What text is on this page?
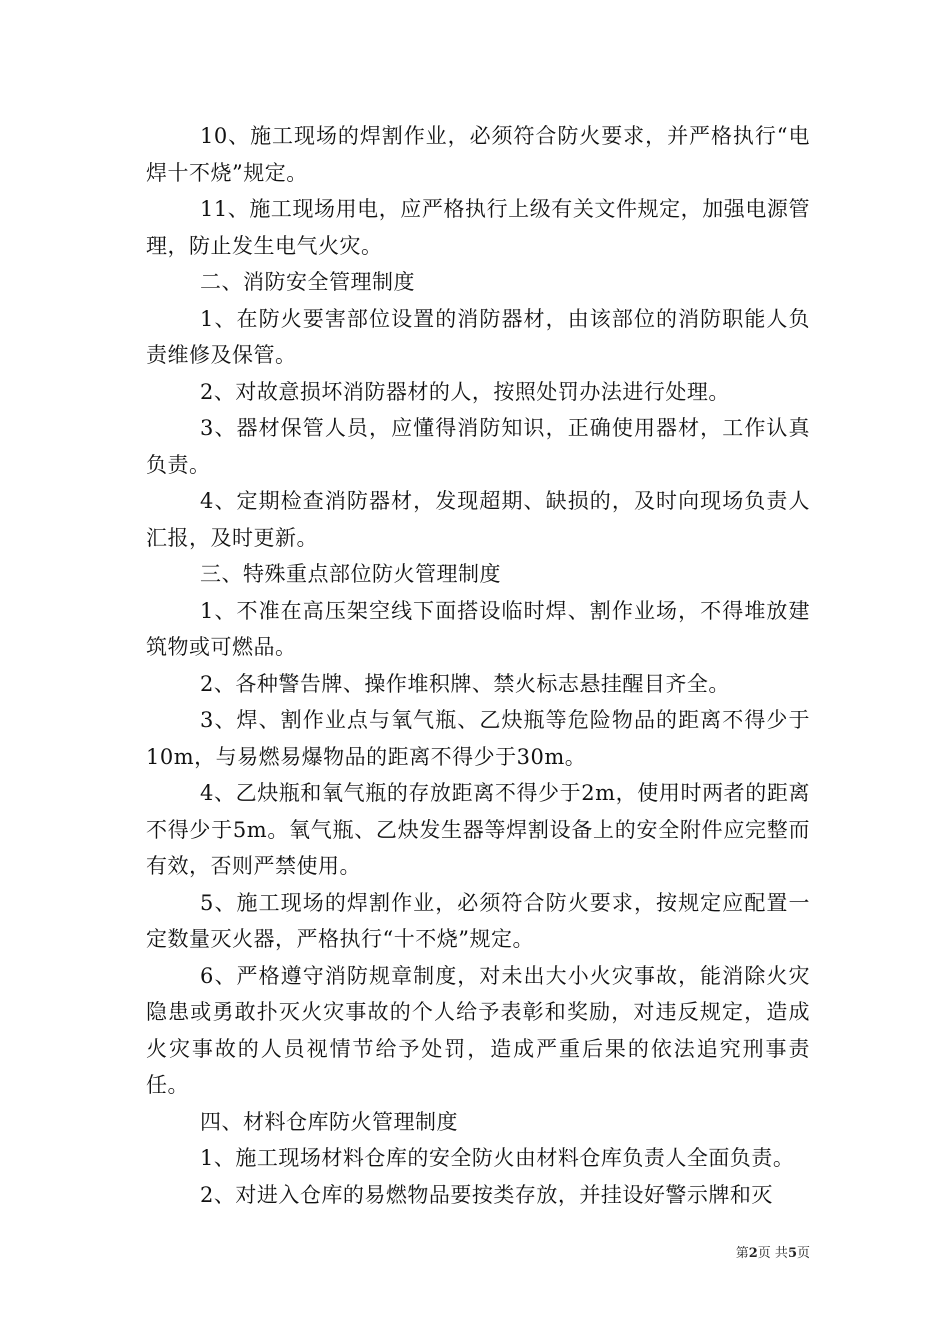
10、施工现场的焊割作业，必须符合防火要求，并严格执行“电焊十不烧”规定。

11、施工现场用电，应严格执行上级有关文件规定，加强电源管理，防止发生电气火灾。

二、消防安全管理制度

1、在防火要害部位设置的消防器材，由该部位的消防职能人负责维修及保管。

2、对故意损坏消防器材的人，按照处罚办法进行处理。

3、器材保管人员，应懂得消防知识，正确使用器材，工作认真负责。

4、定期检查消防器材，发现超期、缺损的，及时向现场负责人汇报，及时更新。

三、特殊重点部位防火管理制度

1、不准在高压架空线下面搭设临时焊、割作业场，不得堆放建筑物或可燃品。

2、各种警告牌、操作堆积牌、禁火标志悬挂醒目齐全。

3、焊、割作业点与氧气瓶、乙炔瓶等危险物品的距离不得少于10m，与易燃易爆物品的距离不得少于30m。

4、乙炔瓶和氧气瓶的存放距离不得少于2m，使用时两者的距离不得少于5m。氧气瓶、乙炔发生器等焊割设备上的安全附件应完整而有效，否则严禁使用。

5、施工现场的焊割作业，必须符合防火要求，按规定应配置一定数量灭火器，严格执行“十不烧”规定。

6、严格遵守消防规章制度，对未出大小火灾事故，能消除火灾隐患或勇敢扑灭火灾事故的个人给予表彰和奖励，对违反规定，造成火灾事故的人员视情节给予处罚，造成严重后果的依法追究刑事责任。

四、材料仓库防火管理制度

1、施工现场材料仓库的安全防火由材料仓库负责人全面负责。

2、对进入仓库的易燃物品要按类存放，并挂设好警示牌和灭

第2页 共5页
